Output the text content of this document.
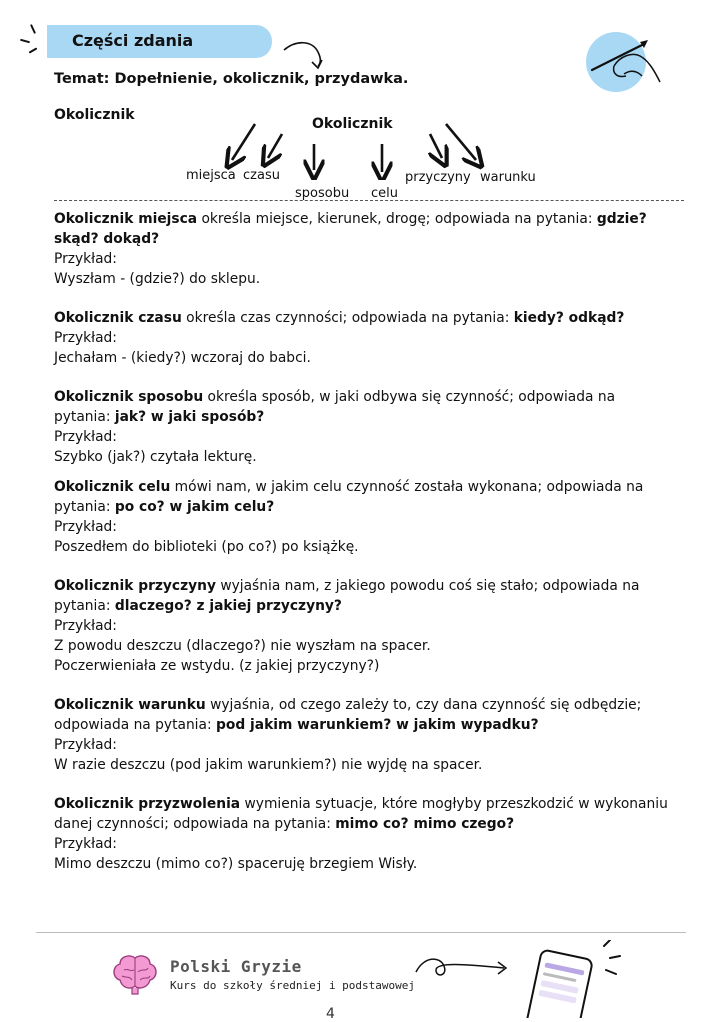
Części zdania
Temat: Dopełnienie, okolicznik, przydawka.
Okolicznik
Okolicznik
miejsca czasu
sposobu celu
przyczyny warunku

Okolicznik miejsca określa miejsce, kierunek, drogę; odpowiada na pytania: gdzie? skąd? dokąd?

Przykład:

Wyszłam - (gdzie?) do sklepu.

Okolicznik czasu określa czas czynności; odpowiada na pytania: kiedy? odkąd?

Przykład:

Jechałam - (kiedy?) wczoraj do babci.

Okolicznik sposobu określa sposób, w jaki odbywa się czynność; odpowiada na pytania: jak? w jaki sposób?

Przykład:

Szybko (jak?) czytała lekturę.

Okolicznik celu mówi nam, w jakim celu czynność została wykonana; odpowiada na pytania: po co? w jakim celu?

Przykład:

Poszedłem do biblioteki (po co?) po książkę.

Okolicznik przyczyny wyjaśnia nam, z jakiego powodu coś się stało; odpowiada na pytania: dlaczego? z jakiej przyczyny?

Przykład:

Z powodu deszczu (dlaczego?) nie wyszłam na spacer.

Poczerwieniała ze wstydu. (z jakiej przyczyny?)

Okolicznik warunku wyjaśnia, od czego zależy to, czy dana czynność się odbędzie; odpowiada na pytania: pod jakim warunkiem? w jakim wypadku?

Przykład:

W razie deszczu (pod jakim warunkiem?) nie wyjdę na spacer.

Okolicznik przyzwolenia wymienia sytuacje, które mogłyby przeszkodzić w wykonaniu danej czynności; odpowiada na pytania: mimo co? mimo czego?

Przykład:

Mimo deszczu (mimo co?) spaceruję brzegiem Wisły.

Polski Gryzie
Kurs do szkoły średniej i podstawowej
4
